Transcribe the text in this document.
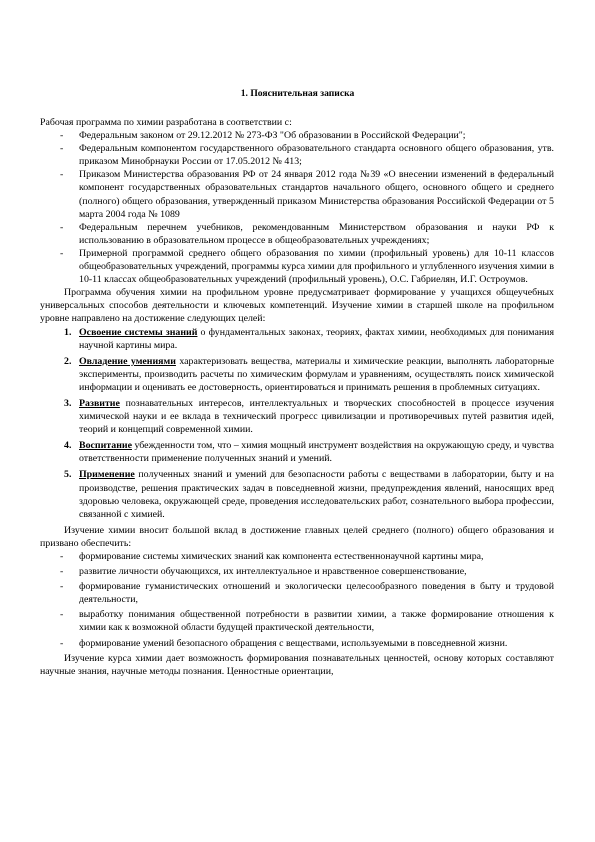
1. Пояснительная записка

Рабочая программа по химии разработана в соответствии с:

- Федеральным законом от 29.12.2012 № 273-ФЗ "Об образовании в Российской Федерации";
- Федеральным компонентом государственного образовательного стандарта основного общего образования, утв. приказом Минобрнауки России от 17.05.2012 № 413;
- Приказом Министерства образования РФ от 24 января 2012 года №39 «О внесении изменений в федеральный компонент государственных образовательных стандартов начального общего, основного общего и среднего (полного) общего образования, утвержденный приказом Министерства образования Российской Федерации от 5 марта 2004 года № 1089
- Федеральным перечнем учебников, рекомендованным Министерством образования и науки РФ к использованию в образовательном процессе в общеобразовательных учреждениях;
- Примерной программой среднего общего образования по химии (профильный уровень) для 10-11 классов общеобразовательных учреждений, программы курса химии для профильного и углубленного изучения химии в 10-11 классах общеобразовательных учреждений (профильный уровень), О.С. Габриелян, И.Г. Остроумов.

Программа обучения химии на профильном уровне предусматривает формирование у учащихся общеучебных универсальных способов деятельности и ключевых компетенций. Изучение химии в старшей школе на профильном уровне направлено на достижение следующих целей:

1. Освоение системы знаний о фундаментальных законах, теориях, фактах химии, необходимых для понимания научной картины мира.
2. Овладение умениями характеризовать вещества, материалы и химические реакции, выполнять лабораторные эксперименты, производить расчеты по химическим формулам и уравнениям, осуществлять поиск химической информации и оценивать ее достоверность, ориентироваться и принимать решения в проблемных ситуациях.
3. Развитие познавательных интересов, интеллектуальных и творческих способностей в процессе изучения химической науки и ее вклада в технический прогресс цивилизации и противоречивых путей развития идей, теорий и концепций современной химии.
4. Воспитание убежденности том, что – химия мощный инструмент воздействия на окружающую среду, и чувства ответственности применение полученных знаний и умений.
5. Применение полученных знаний и умений для безопасности работы с веществами в лаборатории, быту и на производстве, решения практических задач в повседневной жизни, предупреждения явлений, наносящих вред здоровью человека, окружающей среде, проведения исследовательских работ, сознательного выбора профессии, связанной с химией.

Изучение химии вносит большой вклад в достижение главных целей среднего (полного) общего образования и призвано обеспечить:

- формирование системы химических знаний как компонента естественнонаучной картины мира,
- развитие личности обучающихся, их интеллектуальное и нравственное совершенствование,
- формирование гуманистических отношений и экологически целесообразного поведения в быту и трудовой деятельности,
- выработку понимания общественной потребности в развитии химии, а также формирование отношения к химии как к возможной области будущей практической деятельности,
- формирование умений безопасного обращения с веществами, используемыми в повседневной жизни.

Изучение курса химии дает возможность формирования познавательных ценностей, основу которых составляют научные знания, научные методы познания. Ценностные ориентации,
